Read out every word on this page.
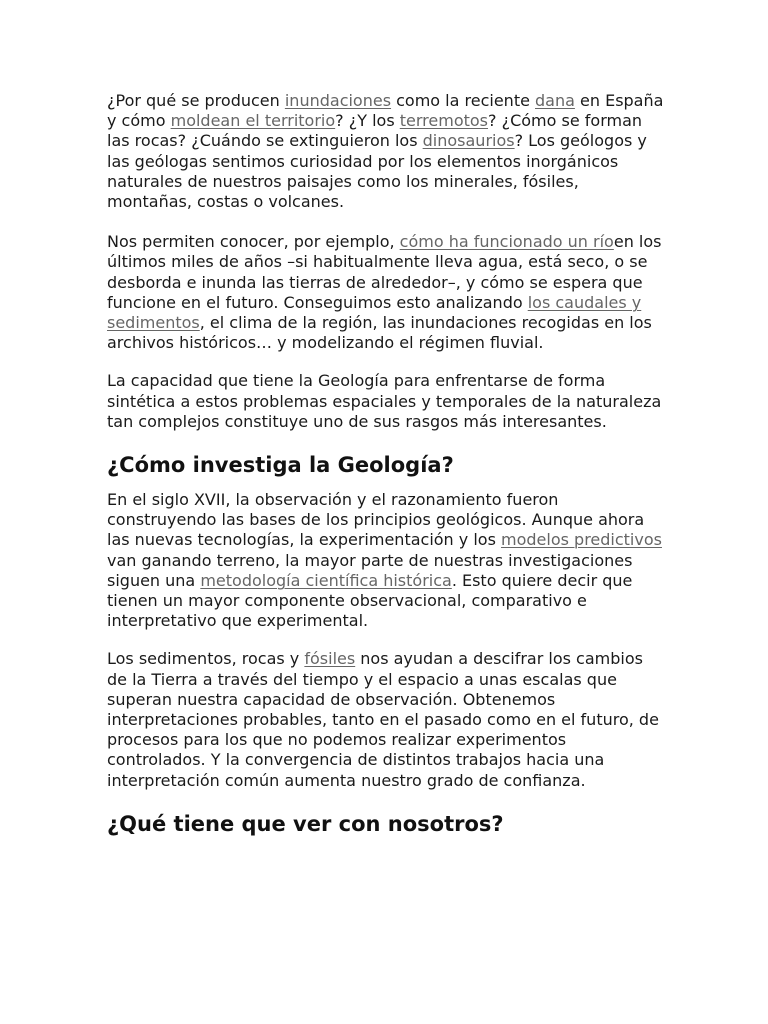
¿Por qué se producen inundaciones como la reciente dana en España y cómo moldean el territorio? ¿Y los terremotos? ¿Cómo se forman las rocas? ¿Cuándo se extinguieron los dinosaurios? Los geólogos y las geólogas sentimos curiosidad por los elementos inorgánicos naturales de nuestros paisajes como los minerales, fósiles, montañas, costas o volcanes.

Nos permiten conocer, por ejemplo, cómo ha funcionado un ríoen los últimos miles de años –si habitualmente lleva agua, está seco, o se desborda e inunda las tierras de alrededor–, y cómo se espera que funcione en el futuro. Conseguimos esto analizando los caudales y sedimentos, el clima de la región, las inundaciones recogidas en los archivos históricos… y modelizando el régimen fluvial.

La capacidad que tiene la Geología para enfrentarse de forma sintética a estos problemas espaciales y temporales de la naturaleza tan complejos constituye uno de sus rasgos más interesantes.

¿Cómo investiga la Geología?

En el siglo XVII, la observación y el razonamiento fueron construyendo las bases de los principios geológicos. Aunque ahora las nuevas tecnologías, la experimentación y los modelos predictivos van ganando terreno, la mayor parte de nuestras investigaciones siguen una metodología científica histórica. Esto quiere decir que tienen un mayor componente observacional, comparativo e interpretativo que experimental.

Los sedimentos, rocas y fósiles nos ayudan a descifrar los cambios de la Tierra a través del tiempo y el espacio a unas escalas que superan nuestra capacidad de observación. Obtenemos interpretaciones probables, tanto en el pasado como en el futuro, de procesos para los que no podemos realizar experimentos controlados. Y la convergencia de distintos trabajos hacia una interpretación común aumenta nuestro grado de confianza.

¿Qué tiene que ver con nosotros?
